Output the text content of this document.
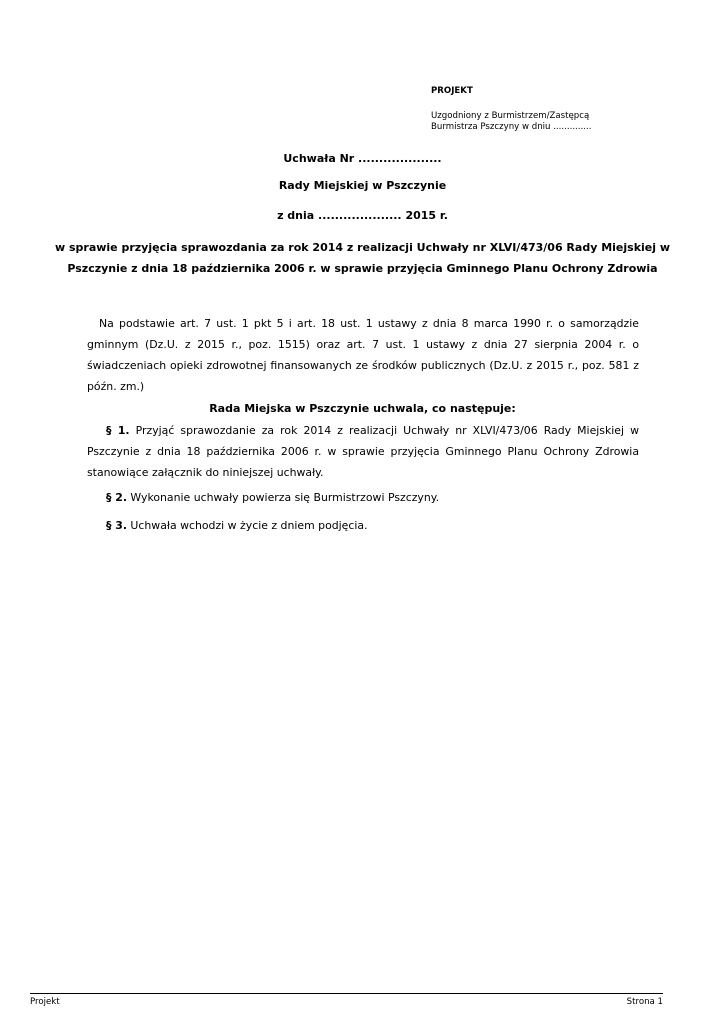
PROJEKT
Uzgodniony z Burmistrzem/Zastępcą
Burmistrza Pszczyny w dniu ..............
Uchwała Nr ....................
Rady Miejskiej w Pszczynie
z dnia .................... 2015 r.
w sprawie przyjęcia sprawozdania za rok 2014 z realizacji Uchwały nr XLVI/473/06 Rady Miejskiej w Pszczynie z dnia 18 października 2006 r. w sprawie przyjęcia Gminnego Planu Ochrony Zdrowia
Na podstawie art. 7 ust. 1 pkt 5 i art. 18 ust. 1 ustawy z dnia 8 marca 1990 r. o samorządzie gminnym (Dz.U. z 2015 r., poz. 1515) oraz art. 7 ust. 1 ustawy z dnia 27 sierpnia 2004 r. o świadczeniach opieki zdrowotnej finansowanych ze środków publicznych (Dz.U. z 2015 r., poz. 581 z późn. zm.)
Rada Miejska w Pszczynie uchwala, co następuje:
§ 1. Przyjąć sprawozdanie za rok 2014 z realizacji Uchwały nr XLVI/473/06 Rady Miejskiej w Pszczynie z dnia 18 października 2006 r. w sprawie przyjęcia Gminnego Planu Ochrony Zdrowia stanowiące załącznik do niniejszej uchwały.
§ 2. Wykonanie uchwały powierza się Burmistrzowi Pszczyny.
§ 3. Uchwała wchodzi w życie z dniem podjęcia.
Projekt	Strona 1
